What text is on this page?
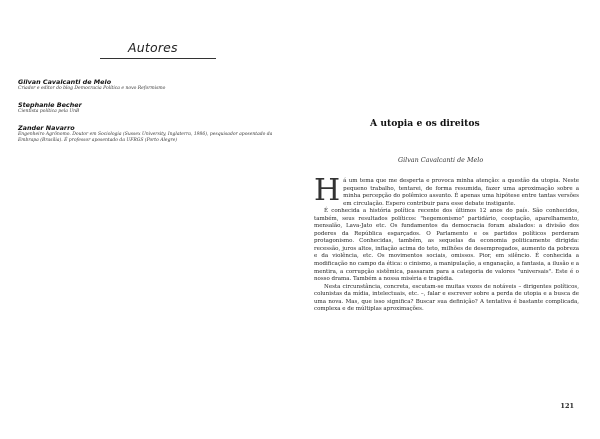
Autores
Gilvan Cavalcanti de Melo
Criador e editor do blog Democracia Política e novo Reformismo
Stephanie Becher
Cientista política pela UnB
Zander Navarro
Engenheiro Agrônomo. Doutor em Sociologia (Sussex University, Inglaterra, 1986), pesquisador aposentado da Embrapa (Brasília). É professor aposentado da UFRGS (Porto Alegre)
A utopia e os direitos
Gilvan Cavalcanti de Melo

Há um tema que me desperta e provoca minha atenção: a questão da utopia. Neste pequeno trabalho, tentarei, de forma resumida, fazer uma aproximação sobre a minha percepção do polêmico assunto. É apenas uma hipótese entre tantas versões em circulação. Espero contribuir para esse debate instigante.

É conhecida a história política recente dos últimos 12 anos do país. São conhecidos, também, seus resultados políticos: "hegemonismo" partidário, cooptação, aparelhamento, mensalão, Lava-Jato etc. Os fundamentos da democracia foram abalados: a divisão dos poderes da República esgarçados. O Parlamento e os partidos políticos perderam protagonismo. Conhecidas, também, as sequelas da economia politicamente dirigida: recessão, juros altos, inflação acima do teto, milhões de desempregados, aumento da pobreza e da violência, etc. Os movimentos sociais, omissos. Pior, em silêncio. É conhecida a modificação no campo da ética: o cinismo, a manipulação, a enganação, a fantasia, a ilusão e a mentira, a corrupção sistêmica, passaram para a categoria de valores "universais". Este é o nosso drama. Também a nossa miséria e tragédia.

Nesta circunstância, concreta, escutam-se muitas vozes de notáveis – dirigentes políticos, colunistas da mídia, intelectuais, etc. –, falar e escrever sobre a perda de utopia e a busca de uma nova. Mas, que isso significa? Buscar sua definição? A tentativa é bastante complicada, complexa e de múltiplas aproximações.

121
